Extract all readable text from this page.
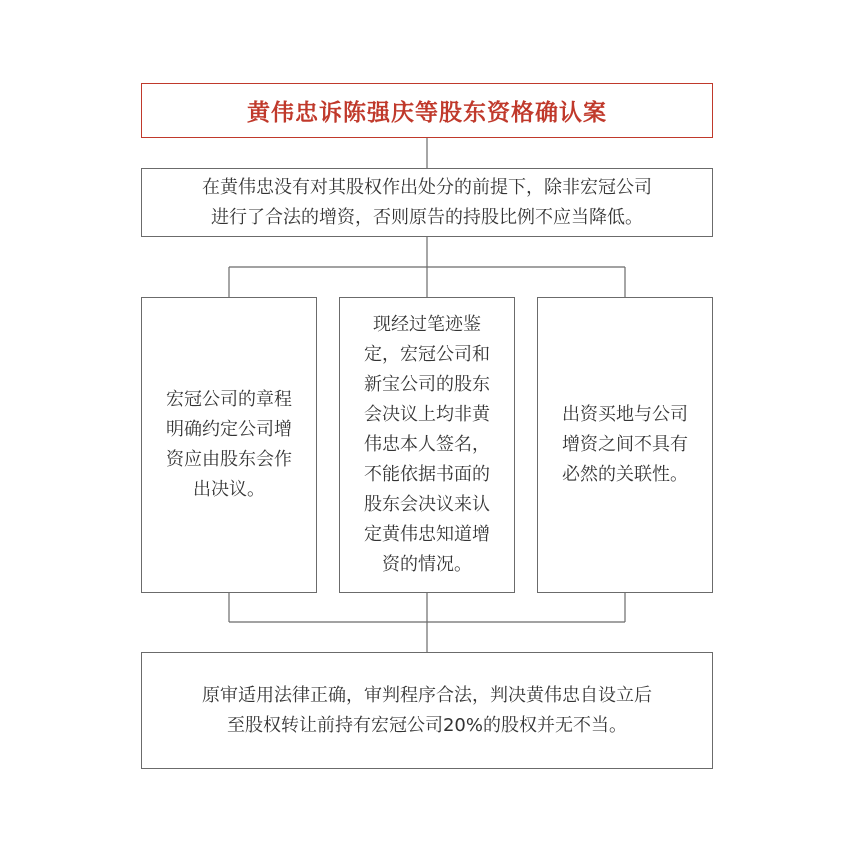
黄伟忠诉陈强庆等股东资格确认案
在黄伟忠没有对其股权作出处分的前提下，除非宏冠公司
进行了合法的增资，否则原告的持股比例不应当降低。
宏冠公司的章程
明确约定公司增
资应由股东会作
出决议。
现经过笔迹鉴
定，宏冠公司和
新宝公司的股东
会决议上均非黄
伟忠本人签名，
不能依据书面的
股东会决议来认
定黄伟忠知道增
资的情况。
出资买地与公司
增资之间不具有
必然的关联性。
原审适用法律正确，审判程序合法，判决黄伟忠自设立后
至股权转让前持有宏冠公司20%的股权并无不当。
